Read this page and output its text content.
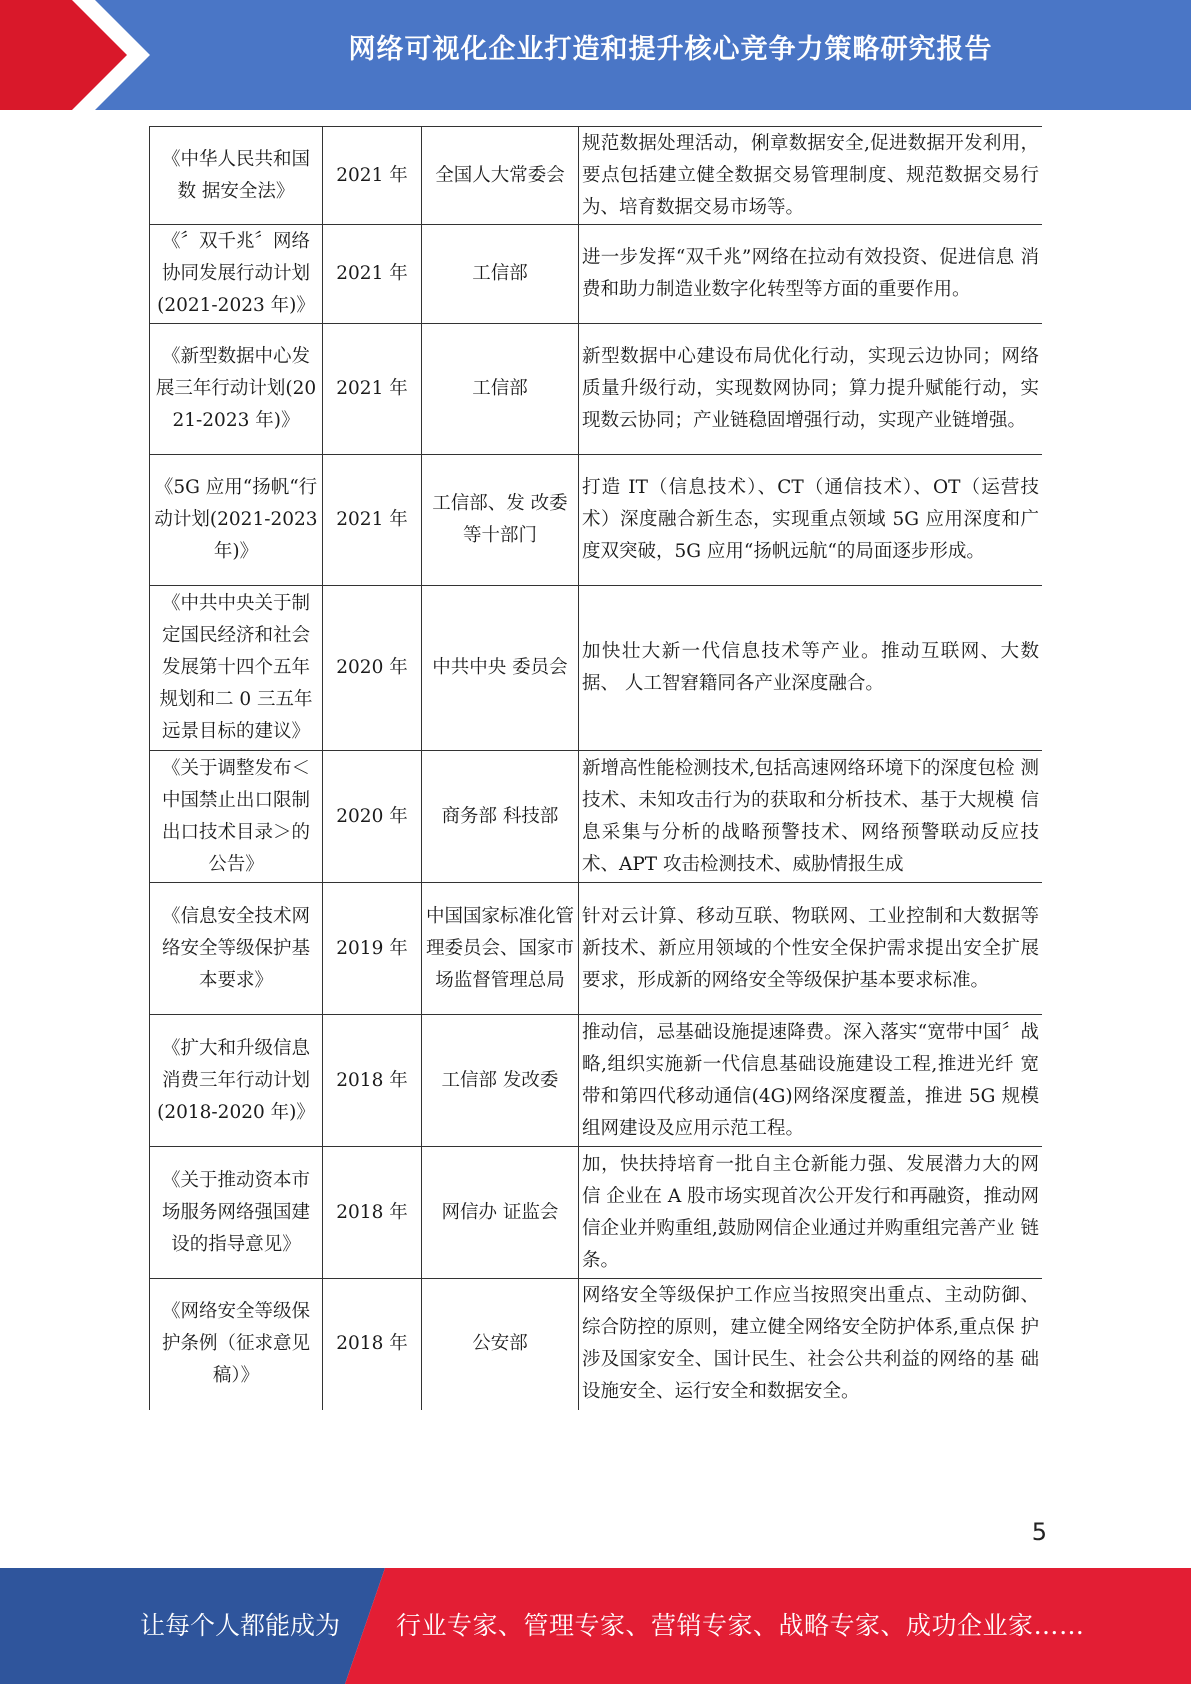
网络可视化企业打造和提升核心竞争力策略研究报告
《中华人民共和国数 据安全法》	2021 年	全国人大常委会	规范数据处理活动，俐章数据安全,促进数据开发利用， 要点包括建立健全数据交易管理制度、规范数据交易行 为、培育数据交易市场等。
《〞双千兆〞网络协同发展行动计划(2021-2023 年)》	2021 年	工信部	进一步发挥“双千兆”网络在拉动有效投资、促进信息 消费和助力制造业数字化转型等方面的重要作用。
《新型数据中心发展三年行动计划(2021-2023 年)》	2021 年	工信部	新型数据中心建设布局优化行动，实现云边协同；网络 质量升级行动，实现数网协同；算力提升赋能行动，实 现数云协同；产业链稳固增强行动，实现产业链增强。
《5G 应用“扬帆“行动计划(2021-2023 年)》	2021 年	工信部、发 改委等十部门	打造 IT（信息技术）、CT（通信技术）、OT（运营技术）深度融合新生态，实现重点领域 5G 应用深度和广度双突破，5G 应用“扬帆远航“的局面逐步形成。
《中共中央关于制定国民经济和社会发展第十四个五年规划和二 0 三五年远景目标的建议》	2020 年	中共中央 委员会	加快壮大新一代信息技术等产业。推动互联网、大数据、 人工智窘籍同各产业深度融合。
《关于调整发布＜中国禁止出口限制出口技术目录＞的公告》	2020 年	商务部 科技部	新增高性能检测技术,包括高速网络环境下的深度包检 测技术、未知攻击行为的获取和分析技术、基于大规模 信息采集与分析的战略预警技术、网络预警联动反应技 术、APT 攻击检测技术、威胁情报生成
《信息安全技术网络安全等级保护基本要求》	2019 年	中国国家标准化管理委员会、国家市场监督管理总局	针对云计算、移动互联、物联网、工业控制和大数据等 新技术、新应用领域的个性安全保护需求提出安全扩展 要求，形成新的网络安全等级保护基本要求标准。
《扩大和升级信息消费三年行动计划(2018-2020 年)》	2018 年	工信部 发改委	推动信，忌基础设施提速降费。深入落实“宽带中国〞战 略,组织实施新一代信息基础设施建设工程,推进光纤 宽带和第四代移动通信(4G)网络深度覆盖，推进 5G 规模组网建设及应用示范工程。
《关于推动资本市场服务网络强国建设的指导意见》	2018 年	网信办 证监会	加，快扶持培育一批自主仓新能力强、发展潜力大的网信 企业在 A 股市场实现首次公开发行和再融资，推动网 信企业并购重组,鼓励网信企业通过并购重组完善产业 链条。
《网络安全等级保护条例（征求意见稿）》	2018 年	公安部	网络安全等级保护工作应当按照突出重点、主动防御、 综合防控的原则，建立健全网络安全防护体系,重点保 护涉及国家安全、国计民生、社会公共利益的网络的基 础设施安全、运行安全和数据安全。
5
让每个人都能成为 行业专家、管理专家、营销专家、战略专家、成功企业家……
